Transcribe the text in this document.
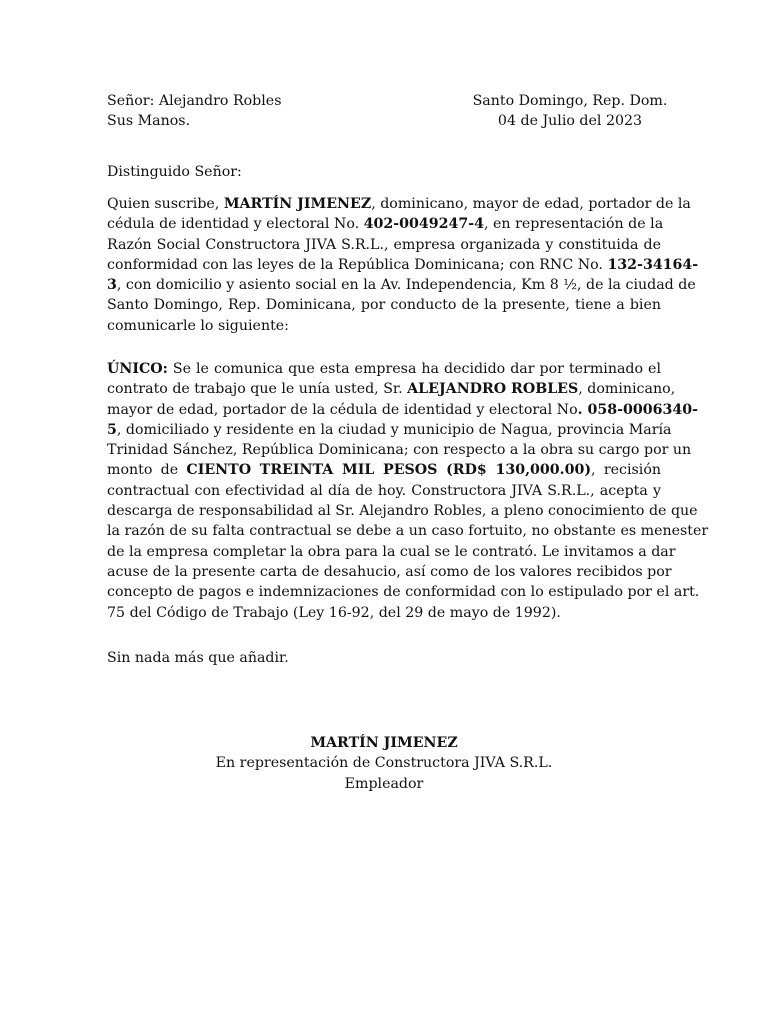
Señor: Alejandro Robles
Sus Manos.
Santo Domingo, Rep. Dom.
04 de Julio del 2023
Distinguido Señor:
Quien suscribe, MARTÍN JIMENEZ, dominicano, mayor de edad, portador de la
cédula de identidad y electoral No. 402-0049247-4, en representación de la
Razón Social Constructora JIVA S.R.L., empresa organizada y constituida de
conformidad con las leyes de la República Dominicana; con RNC No. 132-34164-
3, con domicilio y asiento social en la Av. Independencia, Km 8 ½, de la ciudad de
Santo Domingo, Rep. Dominicana, por conducto de la presente, tiene a bien
comunicarle lo siguiente:
ÚNICO: Se le comunica que esta empresa ha decidido dar por terminado el
contrato de trabajo que le unía usted, Sr. ALEJANDRO ROBLES, dominicano,
mayor de edad, portador de la cédula de identidad y electoral No. 058-0006340-
5, domiciliado y residente en la ciudad y municipio de Nagua, provincia María
Trinidad Sánchez, República Dominicana; con respecto a la obra su cargo por un
monto de CIENTO TREINTA MIL PESOS (RD$ 130,000.00), recisión
contractual con efectividad al día de hoy. Constructora JIVA S.R.L., acepta y
descarga de responsabilidad al Sr. Alejandro Robles, a pleno conocimiento de que
la razón de su falta contractual se debe a un caso fortuito, no obstante es menester
de la empresa completar la obra para la cual se le contrató. Le invitamos a dar
acuse de la presente carta de desahucio, así como de los valores recibidos por
concepto de pagos e indemnizaciones de conformidad con lo estipulado por el art.
75 del Código de Trabajo (Ley 16-92, del 29 de mayo de 1992).
Sin nada más que añadir.
MARTÍN JIMENEZ
En representación de Constructora JIVA S.R.L.
Empleador
